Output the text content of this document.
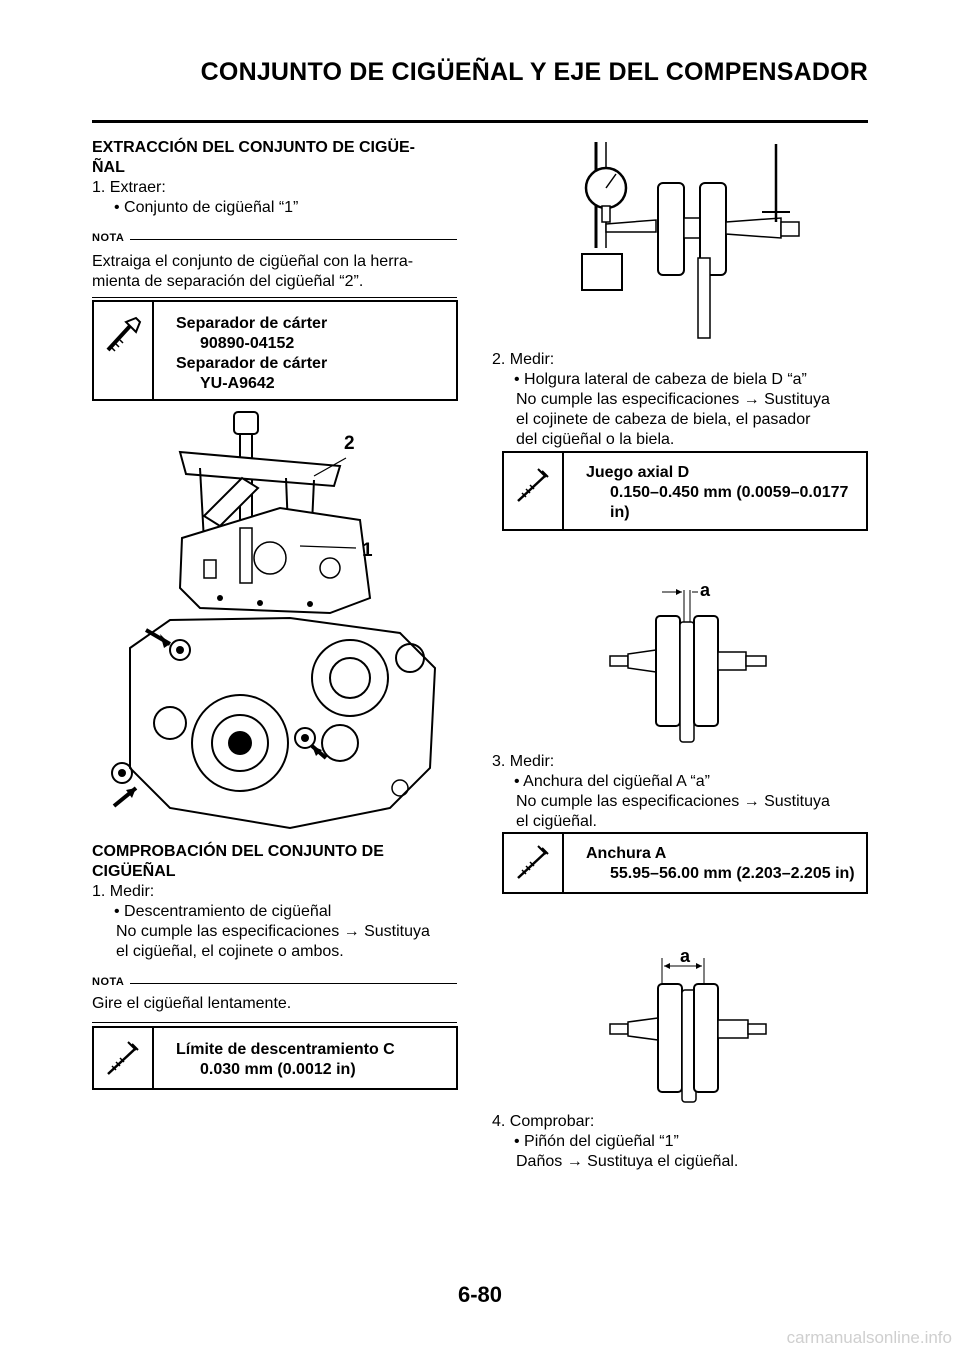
CONJUNTO DE CIGÜEÑAL Y EJE DEL COMPENSADOR
EXTRACCIÓN DEL CONJUNTO DE CIGÜE-
ÑAL
1. Extraer:
• Conjunto de cigüeñal “1”
NOTA
Extraiga el conjunto de cigüeñal con la herra-
mienta de separación del cigüeñal “2”.
Separador de cárter
90890-04152
Separador de cárter
YU-A9642
2
1
COMPROBACIÓN DEL CONJUNTO DE
CIGÜEÑAL
1. Medir:
• Descentramiento de cigüeñal
No cumple las especificaciones → Sustituya
el cigüeñal, el cojinete o ambos.
NOTA
Gire el cigüeñal lentamente.
Límite de descentramiento C
0.030 mm (0.0012 in)
2. Medir:
• Holgura lateral de cabeza de biela D “a”
No cumple las especificaciones → Sustituya
el cojinete de cabeza de biela, el pasador
del cigüeñal o la biela.
Juego axial D
0.150–0.450 mm (0.0059–0.0177
in)
a
3. Medir:
• Anchura del cigüeñal A “a”
No cumple las especificaciones → Sustituya
el cigüeñal.
Anchura A
55.95–56.00 mm (2.203–2.205 in)
a
4. Comprobar:
• Piñón del cigüeñal “1”
Daños → Sustituya el cigüeñal.
6-80
carmanualsonline.info
